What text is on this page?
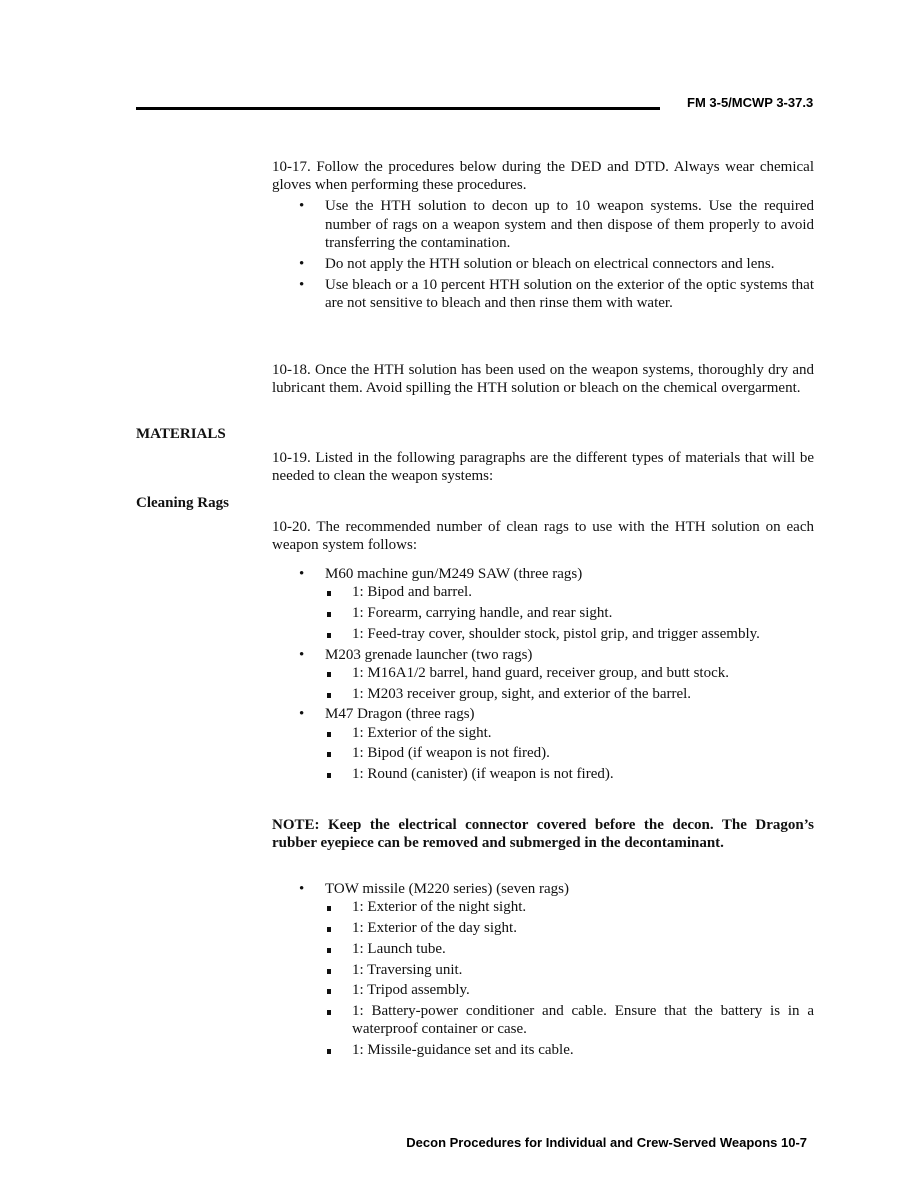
FM 3-5/MCWP 3-37.3

10-17. Follow the procedures below during the DED and DTD. Always wear chemical gloves when performing these procedures.

• Use the HTH solution to decon up to 10 weapon systems. Use the required number of rags on a weapon system and then dispose of them properly to avoid transferring the contamination.
• Do not apply the HTH solution or bleach on electrical connectors and lens.
• Use bleach or a 10 percent HTH solution on the exterior of the optic systems that are not sensitive to bleach and then rinse them with water.

10-18. Once the HTH solution has been used on the weapon systems, thoroughly dry and lubricant them. Avoid spilling the HTH solution or bleach on the chemical overgarment.

MATERIALS

10-19. Listed in the following paragraphs are the different types of materials that will be needed to clean the weapon systems:

Cleaning Rags

10-20. The recommended number of clean rags to use with the HTH solution on each weapon system follows:

• M60 machine gun/M249 SAW (three rags)
1: Bipod and barrel.
1: Forearm, carrying handle, and rear sight.
1: Feed-tray cover, shoulder stock, pistol grip, and trigger assembly.
• M203 grenade launcher (two rags)
1: M16A1/2 barrel, hand guard, receiver group, and butt stock.
1: M203 receiver group, sight, and exterior of the barrel.
• M47 Dragon (three rags)
1: Exterior of the sight.
1: Bipod (if weapon is not fired).
1: Round (canister) (if weapon is not fired).

NOTE: Keep the electrical connector covered before the decon. The Dragon’s rubber eyepiece can be removed and submerged in the decontaminant.

• TOW missile (M220 series) (seven rags)
1: Exterior of the night sight.
1: Exterior of the day sight.
1: Launch tube.
1: Traversing unit.
1: Tripod assembly.
1: Battery-power conditioner and cable. Ensure that the battery is in a waterproof container or case.
1: Missile-guidance set and its cable.
Decon Procedures for Individual and Crew-Served Weapons 10-7
